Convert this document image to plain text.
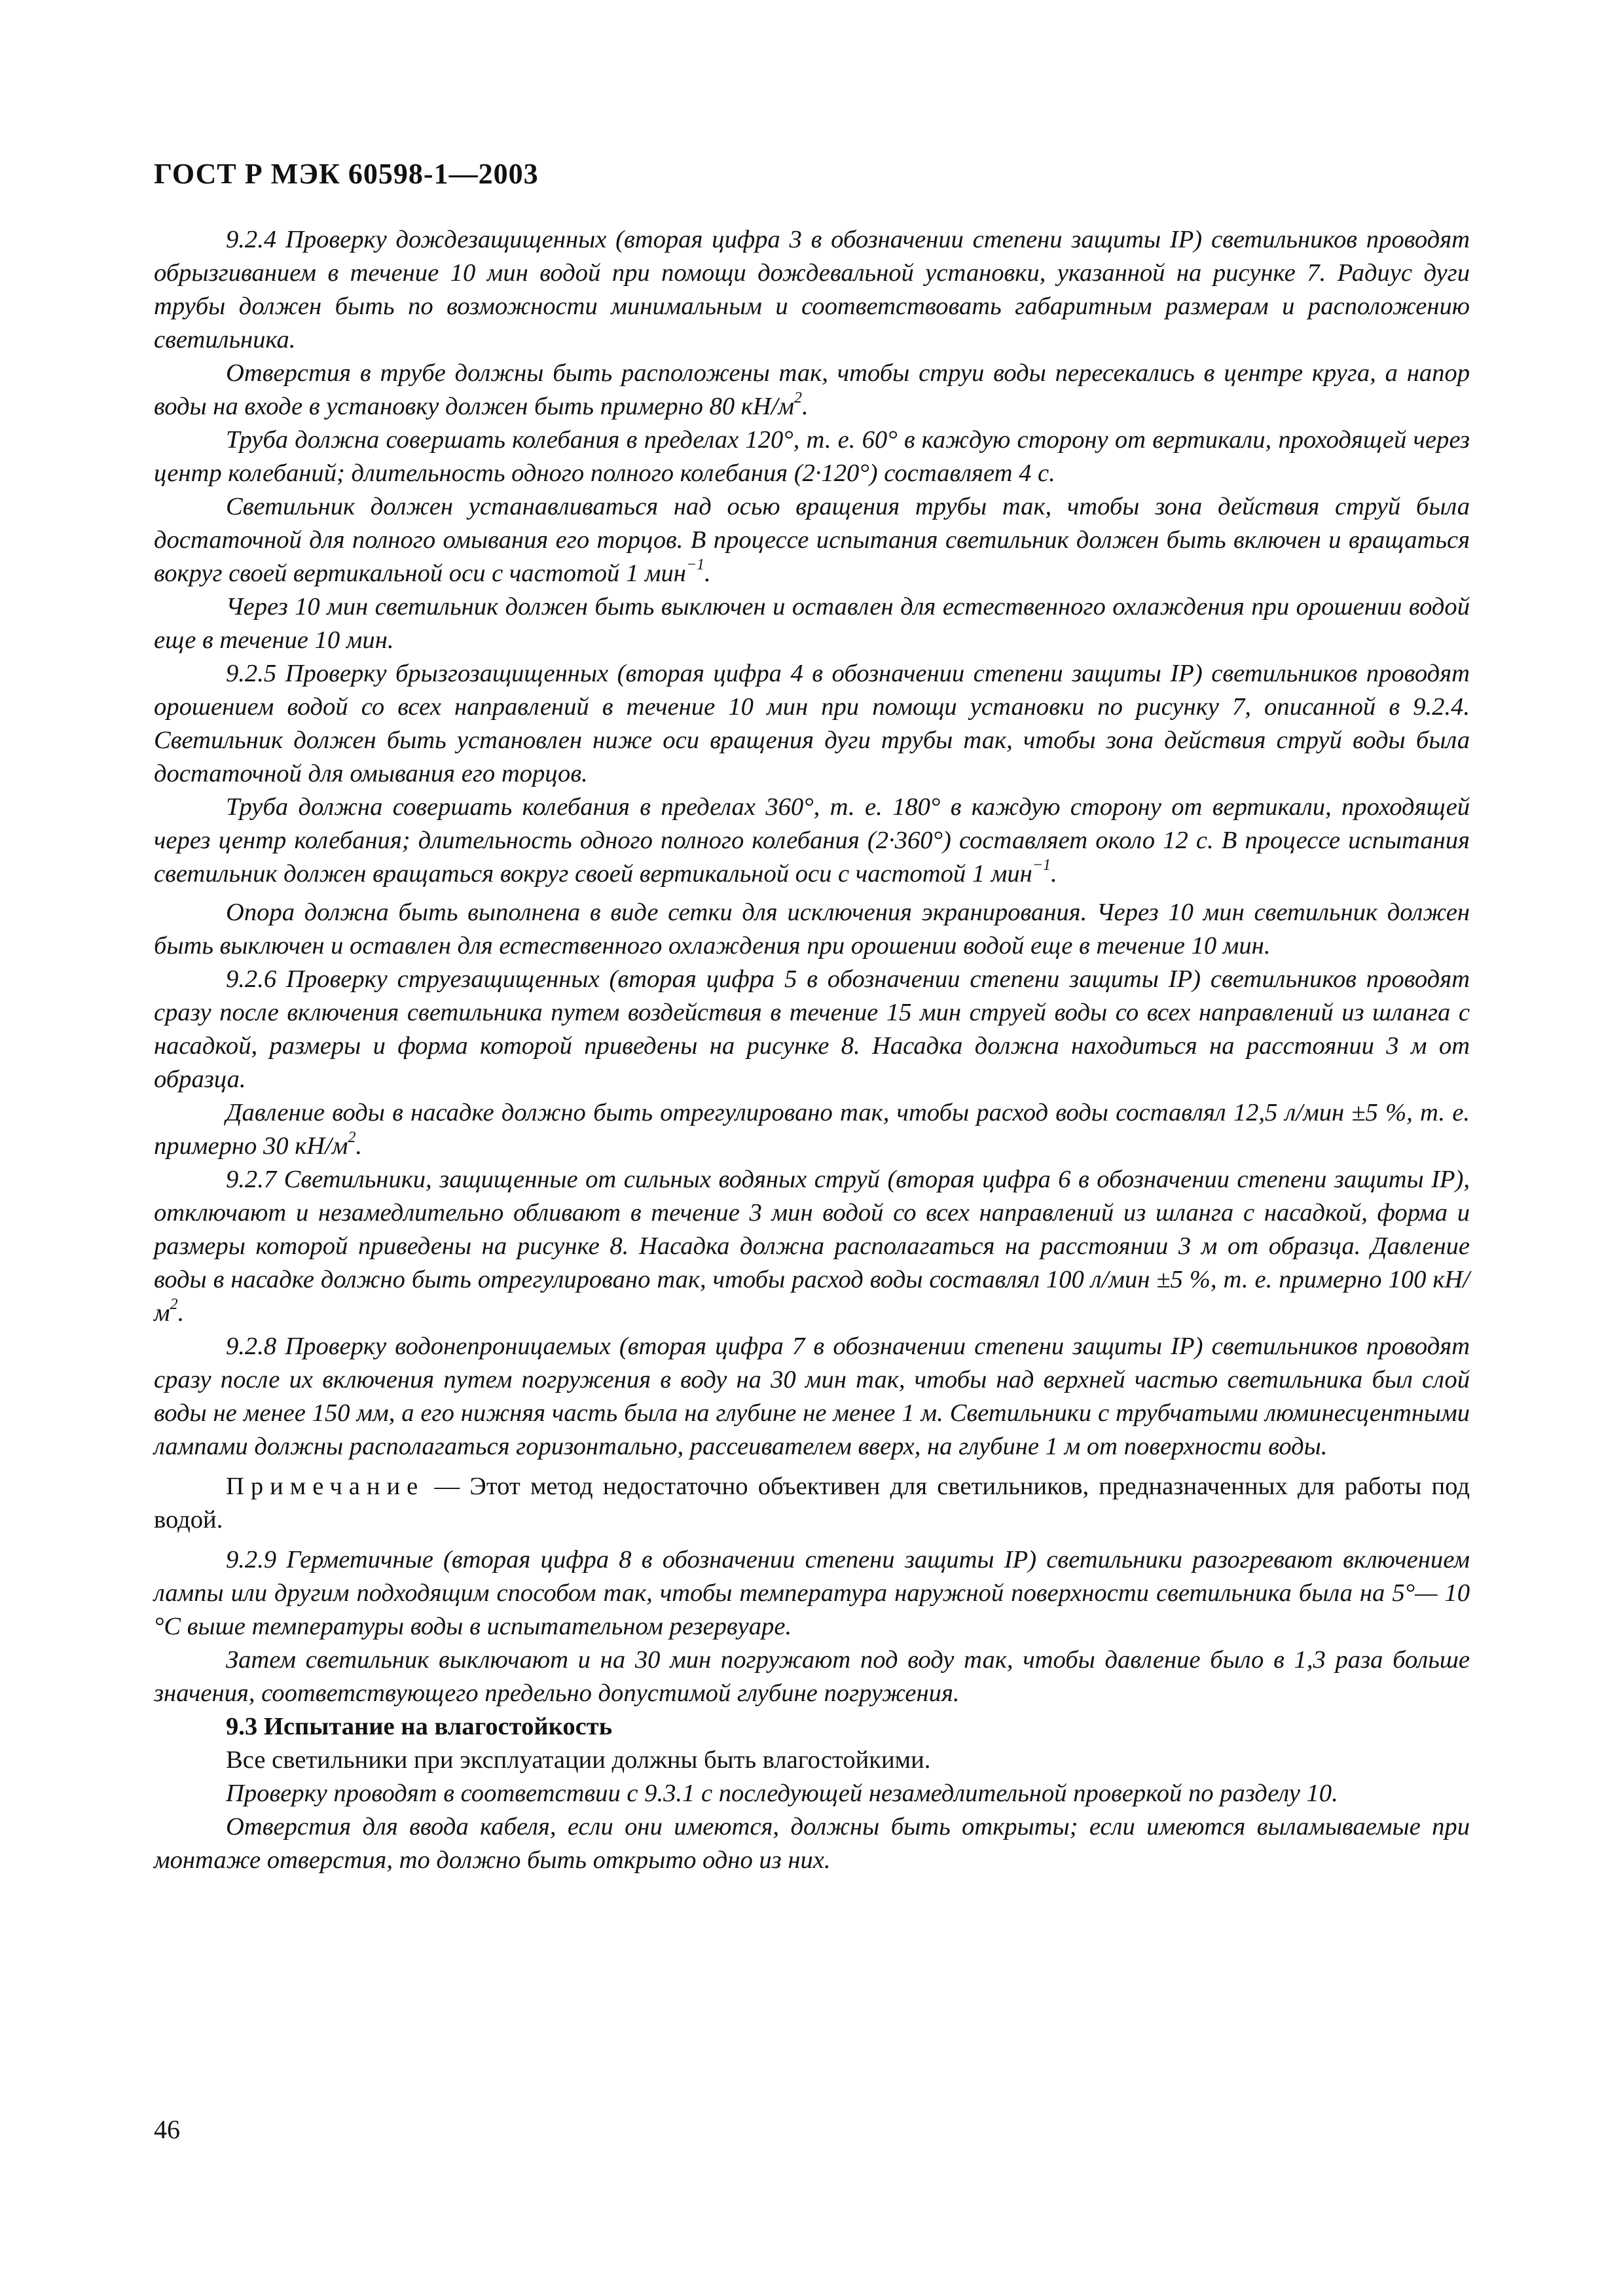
ГОСТ Р МЭК 60598-1—2003

9.2.4 Проверку дождезащищенных (вторая цифра 3 в обозначении степени защиты IP) светильников проводят обрызгиванием в течение 10 мин водой при помощи дождевальной установки, указанной на рисунке 7. Радиус дуги трубы должен быть по возможности минимальным и соответствовать габаритным размерам и расположению светильника.

Отверстия в трубе должны быть расположены так, чтобы струи воды пересекались в центре круга, а напор воды на входе в установку должен быть примерно 80 $кН/м^2$.

Труба должна совершать колебания в пределах 120°, т. е. 60° в каждую сторону от вертикали, проходящей через центр колебаний; длительность одного полного колебания (2·120°) составляет 4 с.

Светильник должен устанавливаться над осью вращения трубы так, чтобы зона действия струй была достаточной для полного омывания его торцов. В процессе испытания светильник должен быть включен и вращаться вокруг своей вертикальной оси с частотой 1 мин$^{-1}$.

Через 10 мин светильник должен быть выключен и оставлен для естественного охлаждения при орошении водой еще в течение 10 мин.

9.2.5 Проверку брызгозащищенных (вторая цифра 4 в обозначении степени защиты IP) светильников проводят орошением водой со всех направлений в течение 10 мин при помощи установки по рисунку 7, описанной в 9.2.4. Светильник должен быть установлен ниже оси вращения дуги трубы так, чтобы зона действия струй воды была достаточной для омывания его торцов.

Труба должна совершать колебания в пределах 360°, т. е. 180° в каждую сторону от вертикали, проходящей через центр колебания; длительность одного полного колебания (2·360°) составляет около 12 с. В процессе испытания светильник должен вращаться вокруг своей вертикальной оси с частотой 1 мин$^{-1}$.

Опора должна быть выполнена в виде сетки для исключения экранирования. Через 10 мин светильник должен быть выключен и оставлен для естественного охлаждения при орошении водой еще в течение 10 мин.

9.2.6 Проверку струезащищенных (вторая цифра 5 в обозначении степени защиты IP) светильников проводят сразу после включения светильника путем воздействия в течение 15 мин струей воды со всех направлений из шланга с насадкой, размеры и форма которой приведены на рисунке 8. Насадка должна находиться на расстоянии 3 м от образца.

Давление воды в насадке должно быть отрегулировано так, чтобы расход воды составлял 12,5 л/мин ±5 %, т. е. примерно 30 $кН/м^2$.

9.2.7 Светильники, защищенные от сильных водяных струй (вторая цифра 6 в обозначении степени защиты IP), отключают и незамедлительно обливают в течение 3 мин водой со всех направлений из шланга с насадкой, форма и размеры которой приведены на рисунке 8. Насадка должна располагаться на расстоянии 3 м от образца. Давление воды в насадке должно быть отрегулировано так, чтобы расход воды составлял 100 л/мин ±5 %, т. е. примерно 100 $кН/м^2$.

9.2.8 Проверку водонепроницаемых (вторая цифра 7 в обозначении степени защиты IP) светильников проводят сразу после их включения путем погружения в воду на 30 мин так, чтобы над верхней частью светильника был слой воды не менее 150 мм, а его нижняя часть была на глубине не менее 1 м. Светильники с трубчатыми люминесцентными лампами должны располагаться горизонтально, рассеивателем вверх, на глубине 1 м от поверхности воды.

Примечание — Этот метод недостаточно объективен для светильников, предназначенных для работы под водой.

9.2.9 Герметичные (вторая цифра 8 в обозначении степени защиты IP) светильники разогревают включением лампы или другим подходящим способом так, чтобы температура наружной поверхности светильника была на 5°— 10 °С выше температуры воды в испытательном резервуаре.

Затем светильник выключают и на 30 мин погружают под воду так, чтобы давление было в 1,3 раза больше значения, соответствующего предельно допустимой глубине погружения.

9.3 Испытание на влагостойкость

Все светильники при эксплуатации должны быть влагостойкими.

Проверку проводят в соответствии с 9.3.1 с последующей незамедлительной проверкой по разделу 10.

Отверстия для ввода кабеля, если они имеются, должны быть открыты; если имеются выламываемые при монтаже отверстия, то должно быть открыто одно из них.

46
